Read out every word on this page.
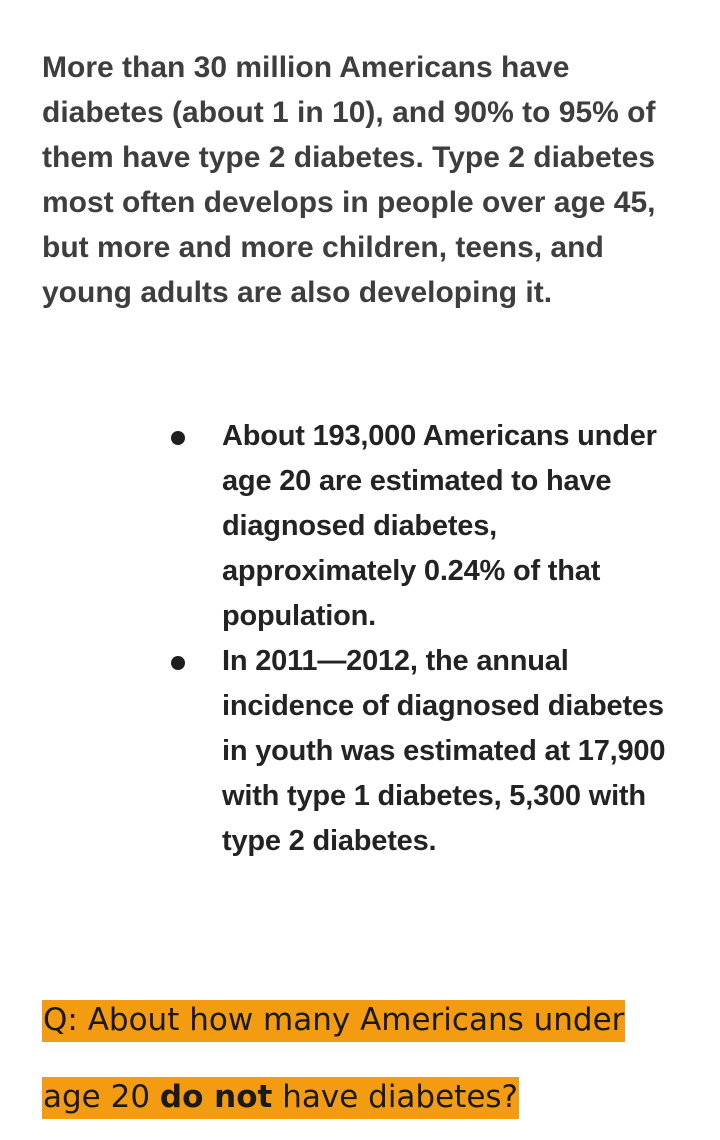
More than 30 million Americans have diabetes (about 1 in 10), and 90% to 95% of them have type 2 diabetes. Type 2 diabetes most often develops in people over age 45, but more and more children, teens, and young adults are also developing it.

About 193,000 Americans under age 20 are estimated to have diagnosed diabetes, approximately 0.24% of that population.
In 2011—2012, the annual incidence of diagnosed diabetes in youth was estimated at 17,900 with type 1 diabetes, 5,300 with type 2 diabetes.

Q: About how many Americans under
age 20 do not have diabetes?
